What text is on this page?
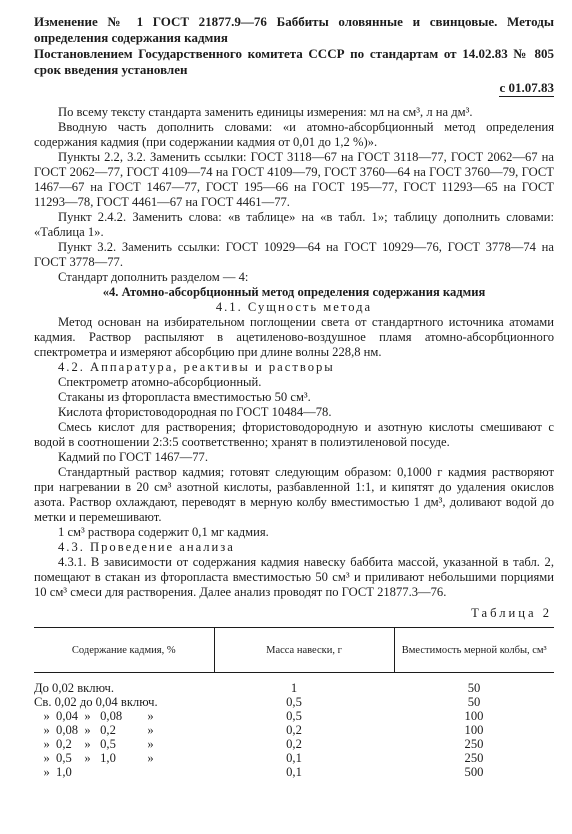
Изменение № 1 ГОСТ 21877.9—76 Баббиты оловянные и свинцовые. Методы определения содержания кадмия

Постановлением Государственного комитета СССР по стандартам от 14.02.83 № 805 срок введения установлен

с 01.07.83

По всему тексту стандарта заменить единицы измерения: мл на см³, л на дм³.

Вводную часть дополнить словами: «и атомно-абсорбционный метод определения содержания кадмия (при содержании кадмия от 0,01 до 1,2 %)».

Пункты 2.2, 3.2. Заменить ссылки: ГОСТ 3118—67 на ГОСТ 3118—77, ГОСТ 2062—67 на ГОСТ 2062—77, ГОСТ 4109—74 на ГОСТ 4109—79, ГОСТ 3760—64 на ГОСТ 3760—79, ГОСТ 1467—67 на ГОСТ 1467—77, ГОСТ 195—66 на ГОСТ 195—77, ГОСТ 11293—65 на ГОСТ 11293—78, ГОСТ 4461—67 на ГОСТ 4461—77.

Пункт 2.4.2. Заменить слова: «в таблице» на «в табл. 1»; таблицу дополнить словами: «Таблица 1».

Пункт 3.2. Заменить ссылки: ГОСТ 10929—64 на ГОСТ 10929—76, ГОСТ 3778—74 на ГОСТ 3778—77.

Стандарт дополнить разделом — 4:

«4. Атомно-абсорбционный метод определения содержания кадмия

4.1. Сущность метода

Метод основан на избирательном поглощении света от стандартного источника атомами кадмия. Раствор распыляют в ацетиленово-воздушное пламя атомно-абсорбционного спектрометра и измеряют абсорбцию при длине волны 228,8 нм.

4.2. Аппаратура, реактивы и растворы

Спектрометр атомно-абсорбционный.

Стаканы из фторопласта вместимостью 50 см³.

Кислота фтористоводородная по ГОСТ 10484—78.

Смесь кислот для растворения; фтористоводородную и азотную кислоты смешивают с водой в соотношении 2:3:5 соответственно; хранят в полиэтиленовой посуде.

Кадмий по ГОСТ 1467—77.

Стандартный раствор кадмия; готовят следующим образом: 0,1000 г кадмия растворяют при нагревании в 20 см³ азотной кислоты, разбавленной 1:1, и кипятят до удаления окислов азота. Раствор охлаждают, переводят в мерную колбу вместимостью 1 дм³, доливают водой до метки и перемешивают.

1 см³ раствора содержит 0,1 мг кадмия.

4.3. Проведение анализа

4.3.1. В зависимости от содержания кадмия навеску баббита массой, указанной в табл. 2, помещают в стакан из фторопласта вместимостью 50 см³ и приливают небольшими порциями 10 см³ смеси для растворения. Далее анализ проводят по ГОСТ 21877.3—76.

Таблица 2
Содержание кадмия, %	Масса навески, г	Вместимость мерной колбы, см³
До 0,02 включ.	1	50
Св. 0,02 до 0,04 включ.	0,5	50
»  0,04  »   0,08        »	0,5	100
»  0,08  »   0,2          »	0,2	100
»  0,2    »   0,5          »	0,2	250
»  0,5    »   1,0          »	0,1	250
»  1,0	0,1	500
